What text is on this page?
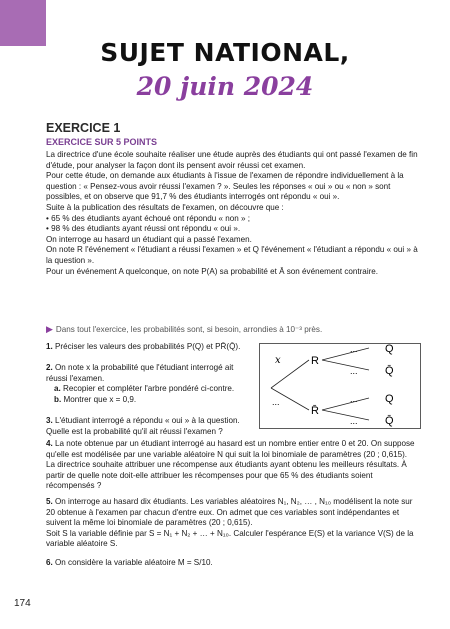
SUJET NATIONAL,
20 juin 2024
EXERCICE 1
EXERCICE SUR 5 POINTS

La directrice d'une école souhaite réaliser une étude auprès des étudiants qui ont passé l'examen de fin d'étude, pour analyser la façon dont ils pensent avoir réussi cet examen.

Pour cette étude, on demande aux étudiants à l'issue de l'examen de répondre individuellement à la question : « Pensez-vous avoir réussi l'examen ? ». Seules les réponses « oui » ou « non » sont possibles, et on observe que 91,7 % des étudiants interrogés ont répondu « oui ».

Suite à la publication des résultats de l'examen, on découvre que :

• 65 % des étudiants ayant échoué ont répondu « non » ;

• 98 % des étudiants ayant réussi ont répondu « oui ».

On interroge au hasard un étudiant qui a passé l'examen.

On note R l'événement « l'étudiant a réussi l'examen » et Q l'événement « l'étudiant a répondu « oui » à la question ».

Pour un événement A quelconque, on note P(A) sa probabilité et Ā son événement contraire.

▶ Dans tout l'exercice, les probabilités sont, si besoin, arrondies à 10⁻³ près.

1. Préciser les valeurs des probabilités P(Q) et PR̄(Q̄).

2. On note x la probabilité que l'étudiant interrogé ait réussi l'examen.
a. Recopier et compléter l'arbre pondéré ci-contre.
b. Montrer que x = 0,9.

3. L'étudiant interrogé a répondu « oui » à la question. Quelle est la probabilité qu'il ait réussi l'examen ?

x
...
R
R̄
...
...
...
...
Q
Q̄
Q
Q̄

4. La note obtenue par un étudiant interrogé au hasard est un nombre entier entre 0 et 20. On suppose qu'elle est modélisée par une variable aléatoire N qui suit la loi binomiale de paramètres (20 ; 0,615). La directrice souhaite attribuer une récompense aux étudiants ayant obtenu les meilleurs résultats. À partir de quelle note doit-elle attribuer les récompenses pour que 65 % des étudiants soient récompensés ?

5. On interroge au hasard dix étudiants. Les variables aléatoires N₁, N₂, … , N₁₀ modélisent la note sur 20 obtenue à l'examen par chacun d'entre eux. On admet que ces variables sont indépendantes et suivent la même loi binomiale de paramètres (20 ; 0,615).
Soit S la variable définie par S = N₁ + N₂ + … + N₁₀. Calculer l'espérance E(S) et la variance V(S) de la variable aléatoire S.

6. On considère la variable aléatoire M = S/10.

174
